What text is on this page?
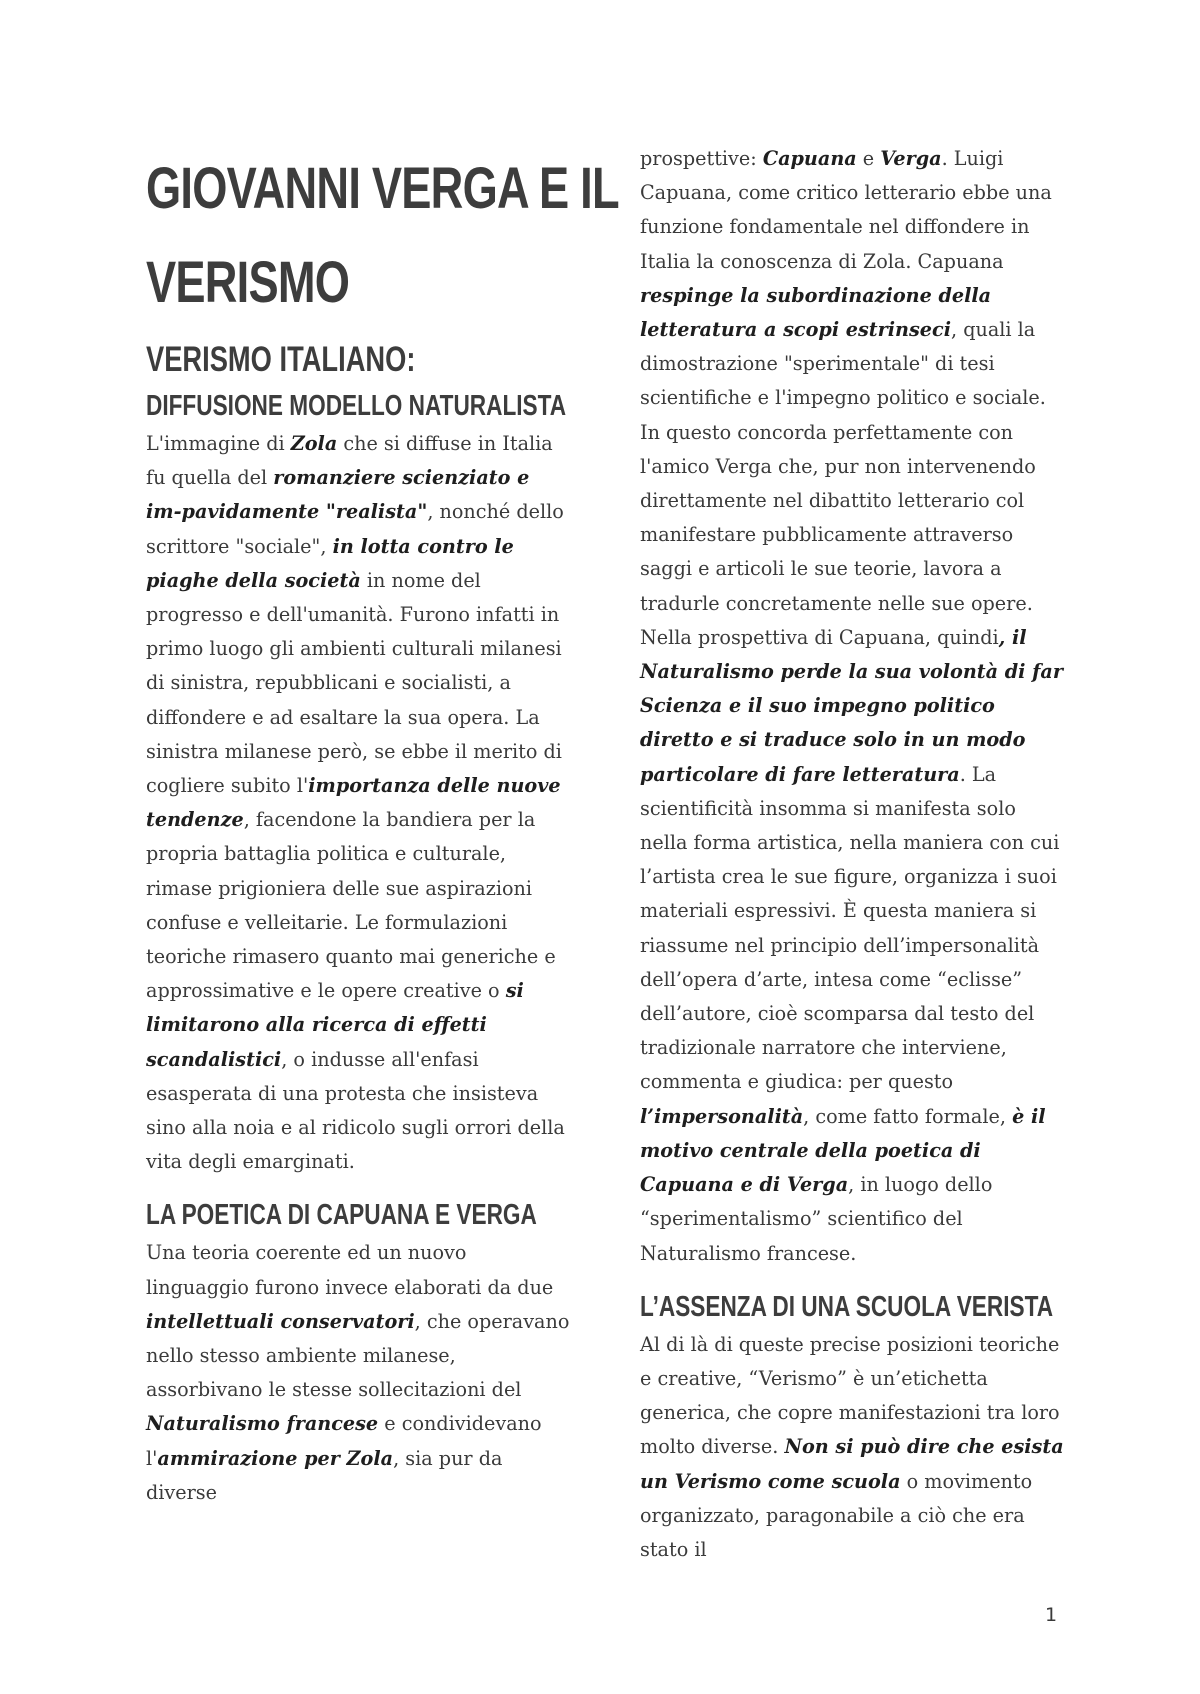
GIOVANNI VERGA E IL
VERISMO
VERISMO ITALIANO:
DIFFUSIONE MODELLO NATURALISTA

L'immagine di Zola che si diffuse in Italia fu quella del romanziere scienziato e im-pavidamente "realista", nonché dello scrittore "sociale", in lotta contro le piaghe della società in nome del progresso e dell'umanità. Furono infatti in primo luogo gli ambienti culturali milanesi di sinistra, repubblicani e socialisti, a diffondere e ad esaltare la sua opera. La sinistra milanese però, se ebbe il merito di cogliere subito l'importanza delle nuove tendenze, facendone la bandiera per la propria battaglia politica e culturale, rimase prigioniera delle sue aspirazioni confuse e velleitarie. Le formulazioni teoriche rimasero quanto mai generiche e approssimative e le opere creative o si limitarono alla ricerca di effetti scandalistici, o indusse all'enfasi esasperata di una protesta che insisteva sino alla noia e al ridicolo sugli orrori della
vita degli emarginati.

LA POETICA DI CAPUANA E VERGA

Una teoria coerente ed un nuovo linguaggio furono invece elaborati da due intellettuali conservatori, che operavano nello stesso ambiente milanese, assorbivano le stesse sollecitazioni del Naturalismo francese e condividevano l'ammirazione per Zola, sia pur da diverse

prospettive: Capuana e Verga. Luigi Capuana, come critico letterario ebbe una funzione fondamentale nel diffondere in Italia la conoscenza di Zola. Capuana respinge la subordinazione della letteratura a scopi estrinseci, quali la dimostrazione "sperimentale" di tesi scientifiche e l'impegno politico e sociale. In questo concorda perfettamente con l'amico Verga che, pur non intervenendo direttamente nel dibattito letterario col manifestare pubblicamente attraverso saggi e articoli le sue teorie, lavora a tradurle concretamente nelle sue opere. Nella prospettiva di Capuana, quindi, il Naturalismo perde la sua volontà di far Scienza e il suo impegno politico diretto e si traduce solo in un modo particolare di fare letteratura. La scientificità insomma si manifesta solo nella forma artistica, nella maniera con cui l’artista crea le sue figure, organizza i suoi materiali espressivi. È questa maniera si riassume nel principio dell’impersonalità dell’opera d’arte, intesa come “eclisse” dell’autore, cioè scomparsa dal testo del tradizionale narratore che interviene, commenta e giudica: per questo l’impersonalità, come fatto formale, è il motivo centrale della poetica di Capuana e di Verga, in luogo dello “sperimentalismo” scientifico del Naturalismo francese.

L’ASSENZA DI UNA SCUOLA VERISTA

Al di là di queste precise posizioni teoriche e creative, “Verismo” è un’etichetta generica, che copre manifestazioni tra loro molto diverse. Non si può dire che esista un Verismo come scuola o movimento organizzato, paragonabile a ciò che era stato il

1
